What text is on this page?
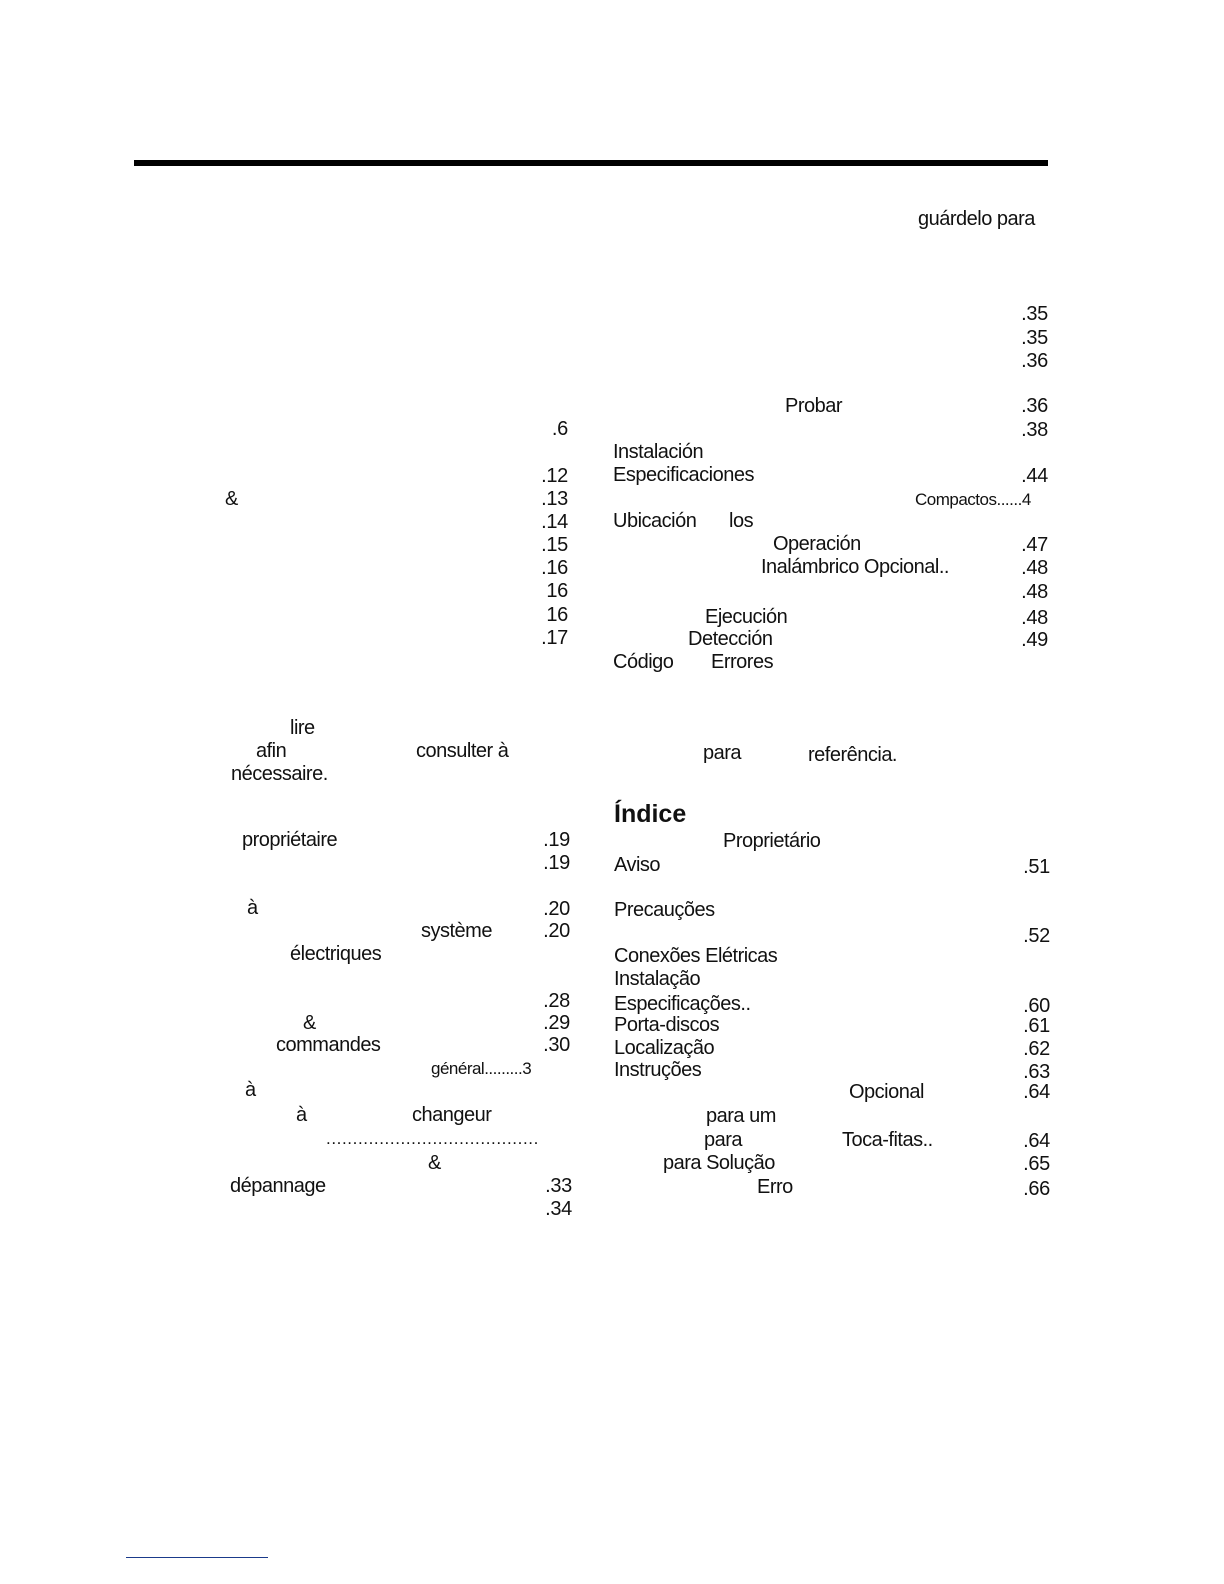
guárdelo para
.35
.35
.36
Probar	.36
.38
Instalación
Especificaciones	.44
Compactos......4
Ubicación los
Operación	.47
Inalámbrico Opcional..	.48
.48
Ejecución	.48
Detección	.49
Código Errores
.6
.12
&	.13
.14
.15
.16
16
16
.17
lire
afin	consulter à
nécessaire.
para	referência.
propriétaire	.19
.19
à	.20
système	.20
électriques
.28
&	.29
commandes	.30
général.........3
à
à	changeur
........................................
&
dépannage	.33
.34
Índice
Proprietário
Aviso	.51
Precauções
.52
Conexões Elétricas
Instalação
Especificações..	.60
Porta-discos	.61
Localização	.62
Instruções	.63
Opcional	.64
para um
para	Toca-fitas..	.64
para Solução	.65
Erro	.66
